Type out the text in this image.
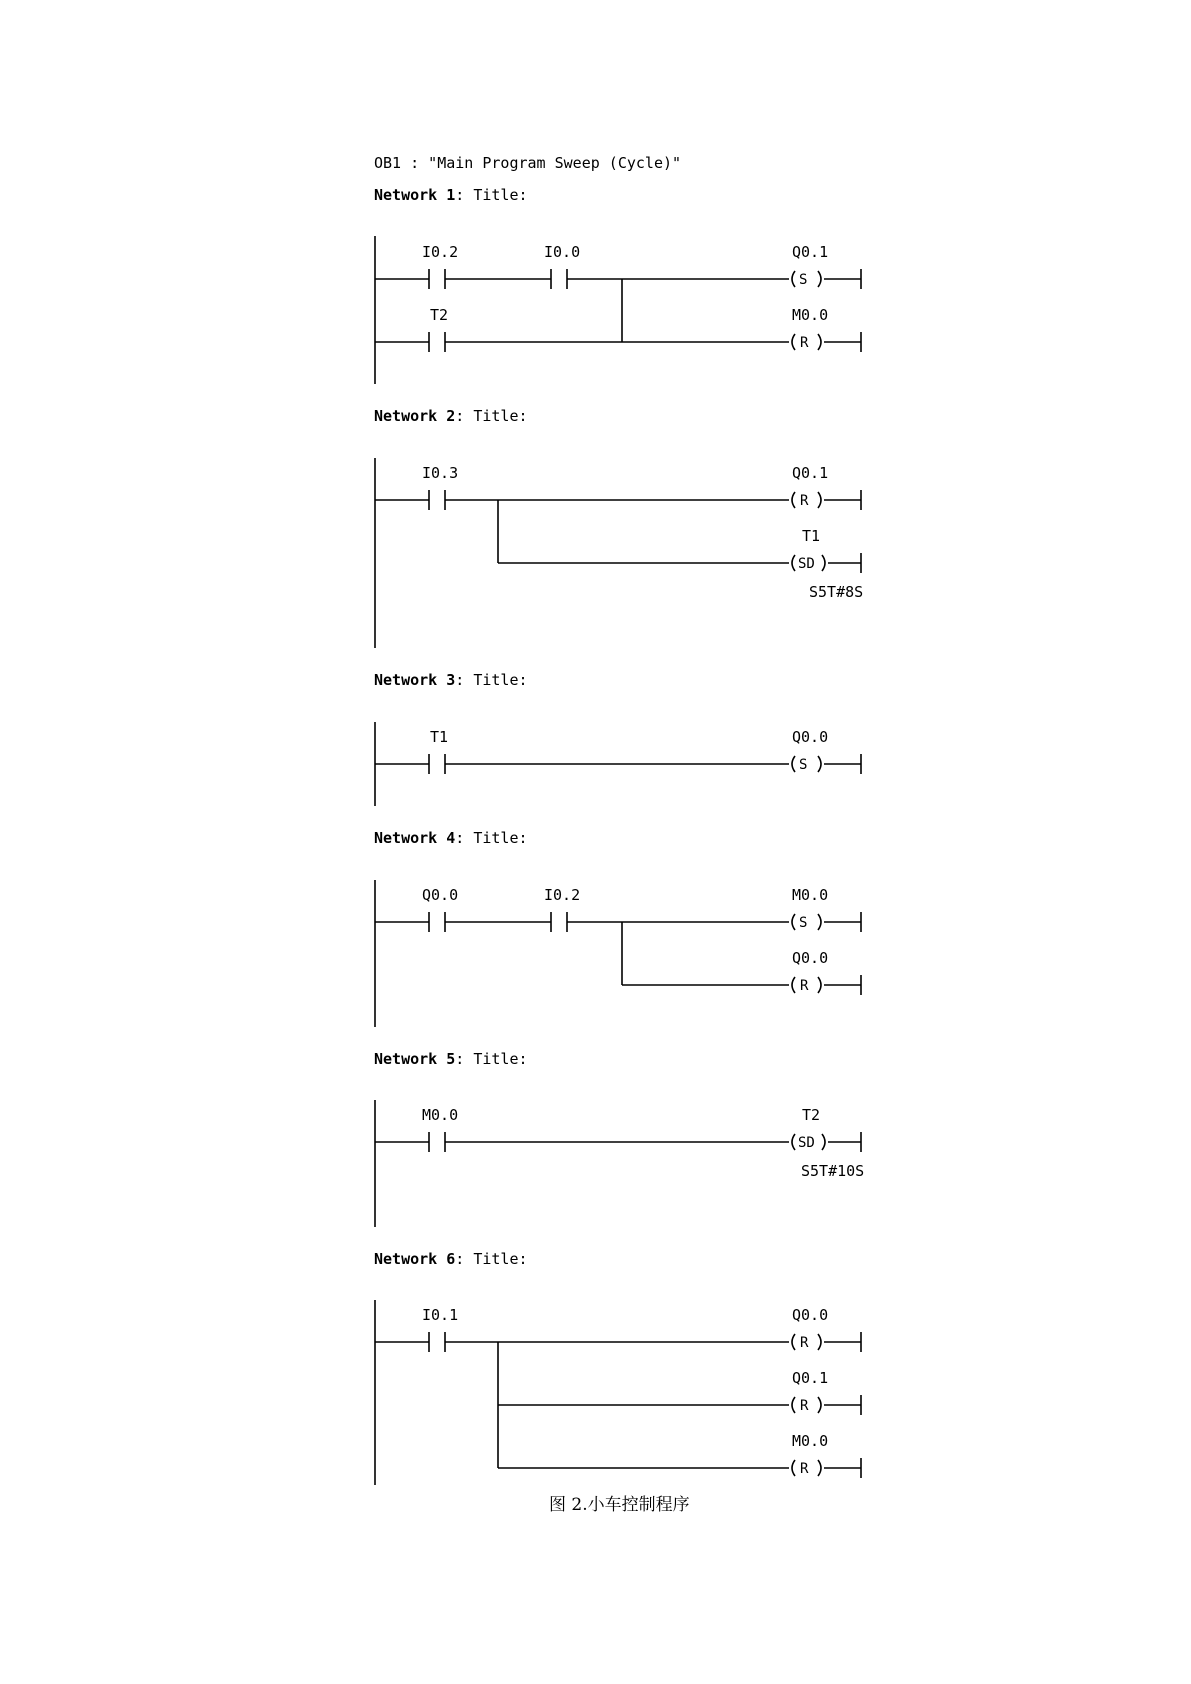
OB1 : "Main Program Sweep (Cycle)"
Network 1: Title:
I0.2	I0.0
S
Q0.1
T2
R
M0.0
Network 2: Title:
I0.3
R
Q0.1
SD
T1
S5T#8S
Network 3: Title:
T1
S
Q0.0
Network 4: Title:
Q0.0	I0.2
S
M0.0
R
Q0.0
Network 5: Title:
M0.0
SD
T2
S5T#10S
Network 6: Title:
I0.1
R
Q0.0
R
Q0.1
R
M0.0
图 2.小车控制程序
